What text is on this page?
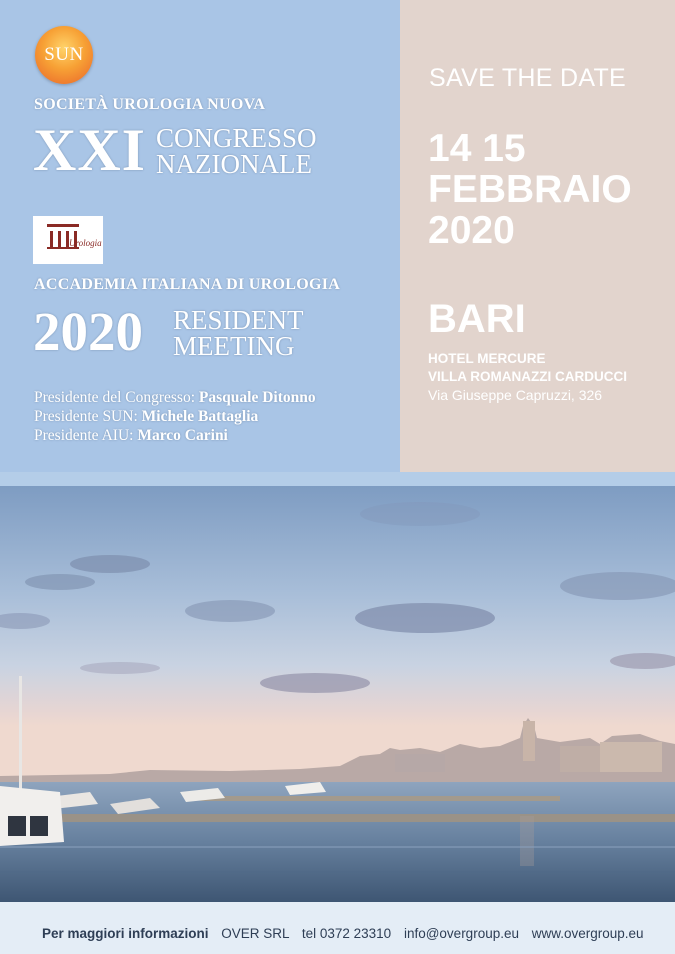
SUN
SOCIETÀ UROLOGIA NUOVA
XXI CONGRESSO
NAZIONALE
Urologia
ACCADEMIA ITALIANA DI UROLOGIA
2020 RESIDENT
MEETING
Presidente del Congresso: Pasquale Ditonno
Presidente SUN: Michele Battaglia
Presidente AIU: Marco Carini
SAVE THE DATE
14 15
FEBBRAIO
2020
BARI
HOTEL MERCURE
VILLA ROMANAZZI CARDUCCI
Via Giuseppe Capruzzi, 326
Per maggiori informazioni OVER SRL tel 0372 23310 info@overgroup.eu www.overgroup.eu
